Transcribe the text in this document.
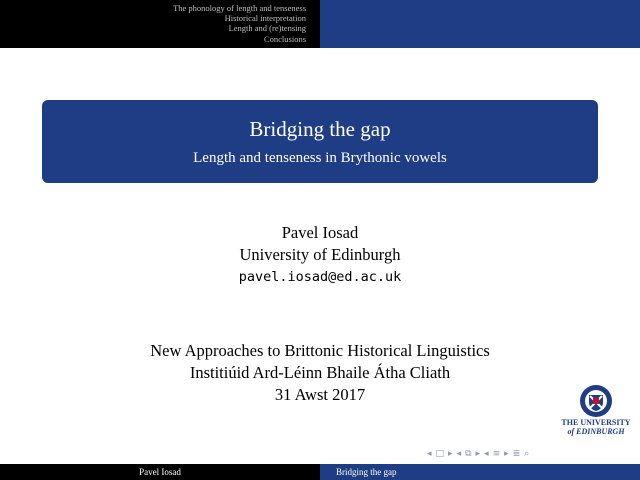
The phonology of length and tenseness
Historical interpretation
Length and (re)tensing
Conclusions
Bridging the gap
Length and tenseness in Brythonic vowels
Pavel Iosad
University of Edinburgh
pavel.iosad@ed.ac.uk
New Approaches to Brittonic Historical Linguistics
Institiúid Ard-Léinn Bhaile Átha Cliath
31 Awst 2017
THE UNIVERSITY
of EDINBURGH
◂ □ ▸ ◂ ⧉ ▸ ◂ ≡ ▸ ≣ ⌕
Pavel Iosad	Bridging the gap
